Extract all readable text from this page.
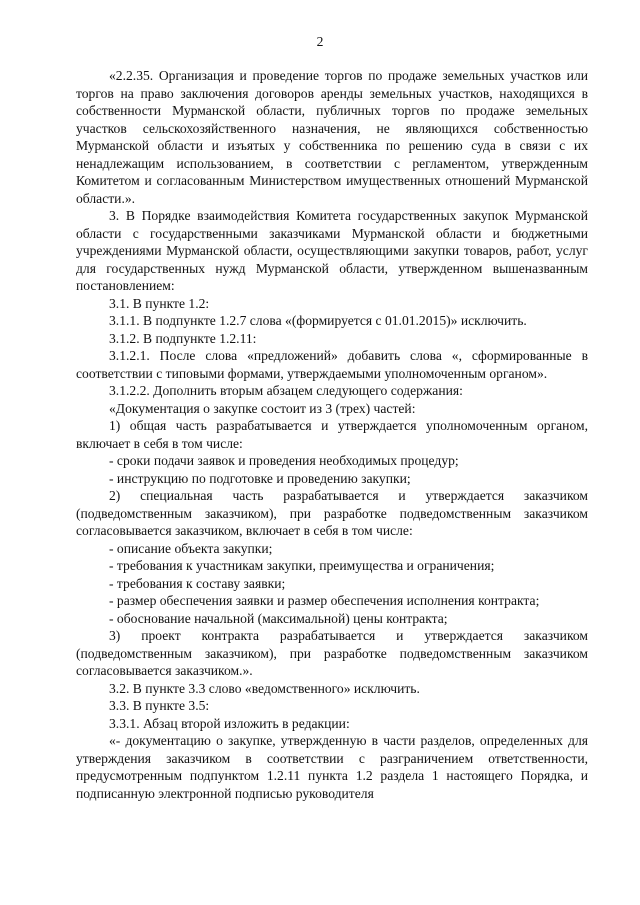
2

«2.2.35. Организация и проведение торгов по продаже земельных участков или торгов на право заключения договоров аренды земельных участков, находящихся в собственности Мурманской области, публичных торгов по продаже земельных участков сельскохозяйственного назначения, не являющихся собственностью Мурманской области и изъятых у собственника по решению суда в связи с их ненадлежащим использованием, в соответствии с регламентом, утвержденным Комитетом и согласованным Министерством имущественных отношений Мурманской области.».

3. В Порядке взаимодействия Комитета государственных закупок Мурманской области с государственными заказчиками Мурманской области и бюджетными учреждениями Мурманской области, осуществляющими закупки товаров, работ, услуг для государственных нужд Мурманской области, утвержденном вышеназванным постановлением:

3.1. В пункте 1.2:

3.1.1. В подпункте 1.2.7 слова «(формируется с 01.01.2015)» исключить.

3.1.2. В подпункте 1.2.11:

3.1.2.1. После слова «предложений» добавить слова «, сформированные в соответствии с типовыми формами, утверждаемыми уполномоченным органом».

3.1.2.2. Дополнить вторым абзацем следующего содержания:

«Документация о закупке состоит из 3 (трех) частей:

1) общая часть разрабатывается и утверждается уполномоченным органом, включает в себя в том числе:

- сроки подачи заявок и проведения необходимых процедур;

- инструкцию по подготовке и проведению закупки;

2) специальная часть разрабатывается и утверждается заказчиком (подведомственным заказчиком), при разработке подведомственным заказчиком согласовывается заказчиком, включает в себя в том числе:

- описание объекта закупки;

- требования к участникам закупки, преимущества и ограничения;

- требования к составу заявки;

- размер обеспечения заявки и размер обеспечения исполнения контракта;

- обоснование начальной (максимальной) цены контракта;

3) проект контракта разрабатывается и утверждается заказчиком (подведомственным заказчиком), при разработке подведомственным заказчиком согласовывается заказчиком.».

3.2. В пункте 3.3 слово «ведомственного» исключить.

3.3. В пункте 3.5:

3.3.1. Абзац второй изложить в редакции:

«- документацию о закупке, утвержденную в части разделов, определенных для утверждения заказчиком в соответствии с разграничением ответственности, предусмотренным подпунктом 1.2.11 пункта 1.2 раздела 1 настоящего Порядка, и подписанную электронной подписью руководителя
